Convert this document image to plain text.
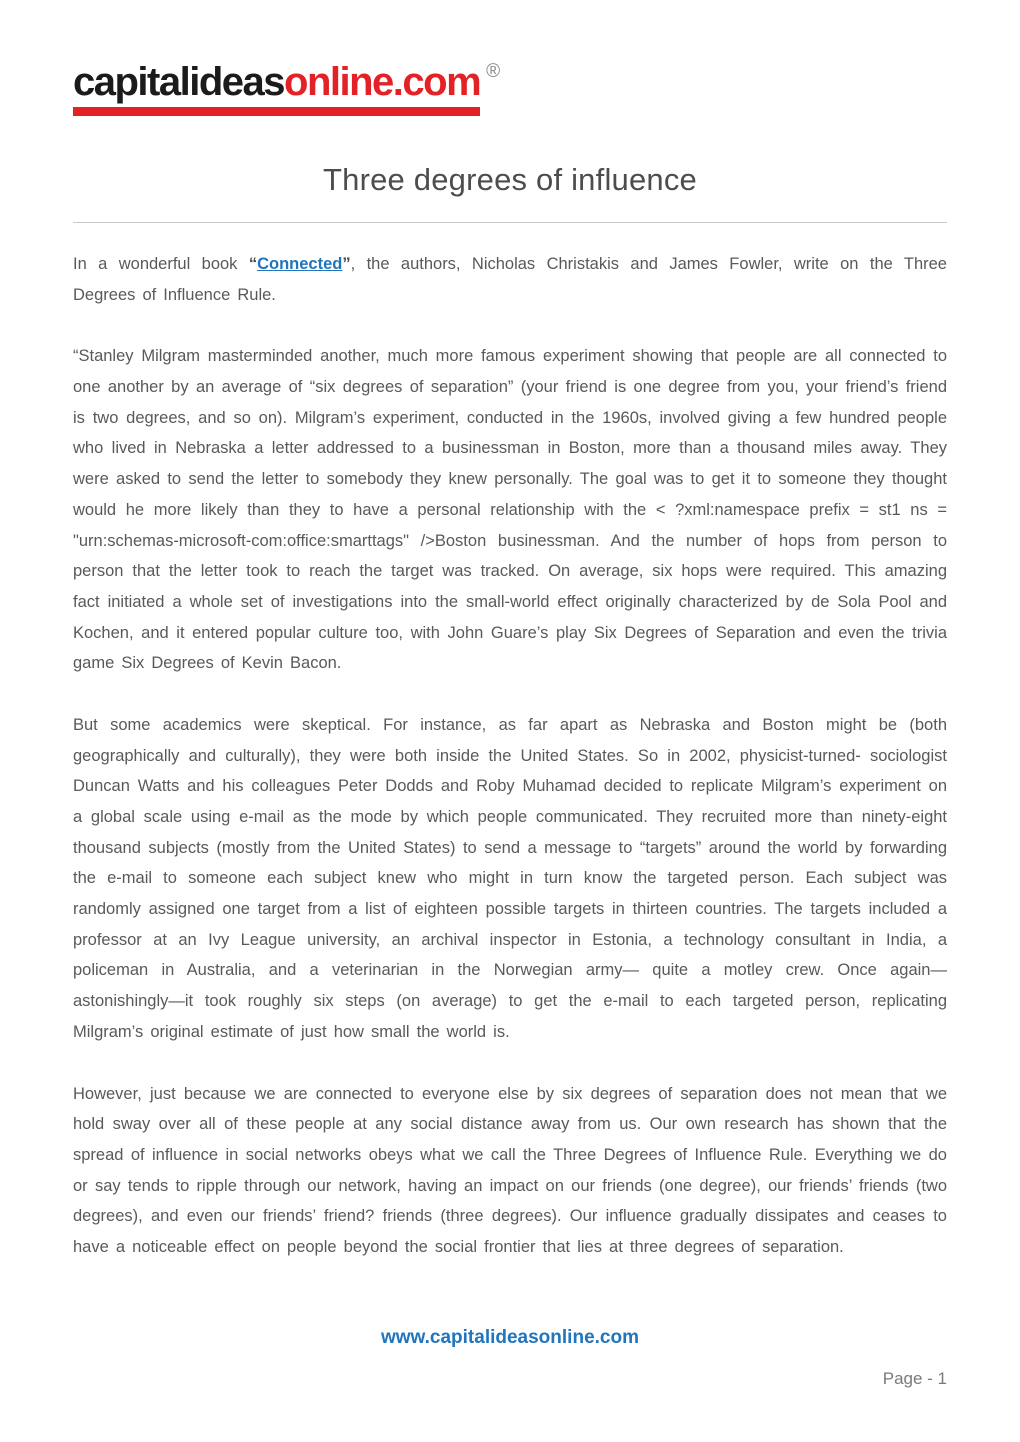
capitalideasonline.com ®
Three degrees of influence

In a wonderful book “Connected”, the authors, Nicholas Christakis and James Fowler, write on the Three Degrees of Influence Rule.

“Stanley Milgram masterminded another, much more famous experiment showing that people are all connected to one another by an average of “six degrees of separation” (your friend is one degree from you, your friend’s friend is two degrees, and so on). Milgram’s experiment, conducted in the 1960s, involved giving a few hundred people who lived in Nebraska a letter addressed to a businessman in Boston, more than a thousand miles away. They were asked to send the letter to somebody they knew personally. The goal was to get it to someone they thought would he more likely than they to have a personal relationship with the < ?xml:namespace prefix = st1 ns = "urn:schemas-microsoft-com:office:smarttags" />Boston businessman. And the number of hops from person to person that the letter took to reach the target was tracked. On average, six hops were required. This amazing fact initiated a whole set of investigations into the small-world effect originally characterized by de Sola Pool and Kochen, and it entered popular culture too, with John Guare’s play Six Degrees of Separation and even the trivia game Six Degrees of Kevin Bacon.

But some academics were skeptical. For instance, as far apart as Nebraska and Boston might be (both geographically and culturally), they were both inside the United States. So in 2002, physicist-turned- sociologist Duncan Watts and his colleagues Peter Dodds and Roby Muhamad decided to replicate Milgram’s experiment on a global scale using e-mail as the mode by which people communicated. They recruited more than ninety-eight thousand subjects (mostly from the United States) to send a message to “targets” around the world by forwarding the e-mail to someone each subject knew who might in turn know the targeted person. Each subject was randomly assigned one target from a list of eighteen possible targets in thirteen countries. The targets included a professor at an Ivy League university, an archival inspector in Estonia, a technology consultant in India, a policeman in Australia, and a veterinarian in the Norwegian army— quite a motley crew. Once again—astonishingly—it took roughly six steps (on average) to get the e-mail to each targeted person, replicating Milgram’s original estimate of just how small the world is.

However, just because we are connected to everyone else by six degrees of separation does not mean that we hold sway over all of these people at any social distance away from us. Our own research has shown that the spread of influence in social networks obeys what we call the Three Degrees of Influence Rule. Everything we do or say tends to ripple through our network, having an impact on our friends (one degree), our friends’ friends (two degrees), and even our friends’ friend? friends (three degrees). Our influence gradually dissipates and ceases to have a noticeable effect on people beyond the social frontier that lies at three degrees of separation.

www.capitalideasonline.com
Page - 1
